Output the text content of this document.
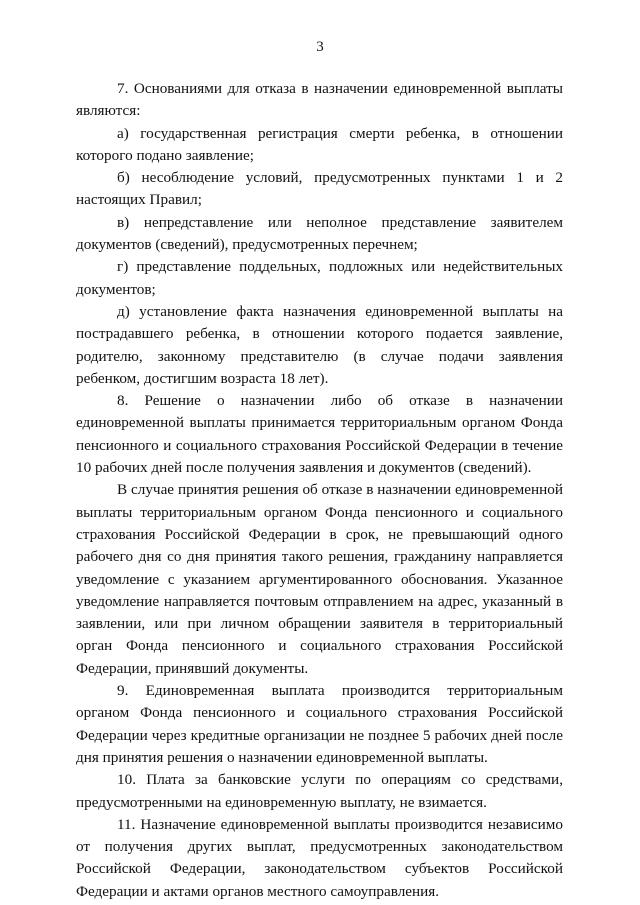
3

7. Основаниями для отказа в назначении единовременной выплаты являются:

а) государственная регистрация смерти ребенка, в отношении которого подано заявление;

б) несоблюдение условий, предусмотренных пунктами 1 и 2 настоящих Правил;

в) непредставление или неполное представление заявителем документов (сведений), предусмотренных перечнем;

г) представление поддельных, подложных или недействительных документов;

д) установление факта назначения единовременной выплаты на пострадавшего ребенка, в отношении которого подается заявление, родителю, законному представителю (в случае подачи заявления ребенком, достигшим возраста 18 лет).

8. Решение о назначении либо об отказе в назначении единовременной выплаты принимается территориальным органом Фонда пенсионного и социального страхования Российской Федерации в течение 10 рабочих дней после получения заявления и документов (сведений).

В случае принятия решения об отказе в назначении единовременной выплаты территориальным органом Фонда пенсионного и социального страхования Российской Федерации в срок, не превышающий одного рабочего дня со дня принятия такого решения, гражданину направляется уведомление с указанием аргументированного обоснования. Указанное уведомление направляется почтовым отправлением на адрес, указанный в заявлении, или при личном обращении заявителя в территориальный орган Фонда пенсионного и социального страхования Российской Федерации, принявший документы.

9. Единовременная выплата производится территориальным органом Фонда пенсионного и социального страхования Российской Федерации через кредитные организации не позднее 5 рабочих дней после дня принятия решения о назначении единовременной выплаты.

10. Плата за банковские услуги по операциям со средствами, предусмотренными на единовременную выплату, не взимается.

11. Назначение единовременной выплаты производится независимо от получения других выплат, предусмотренных законодательством Российской Федерации, законодательством субъектов Российской Федерации и актами органов местного самоуправления.
